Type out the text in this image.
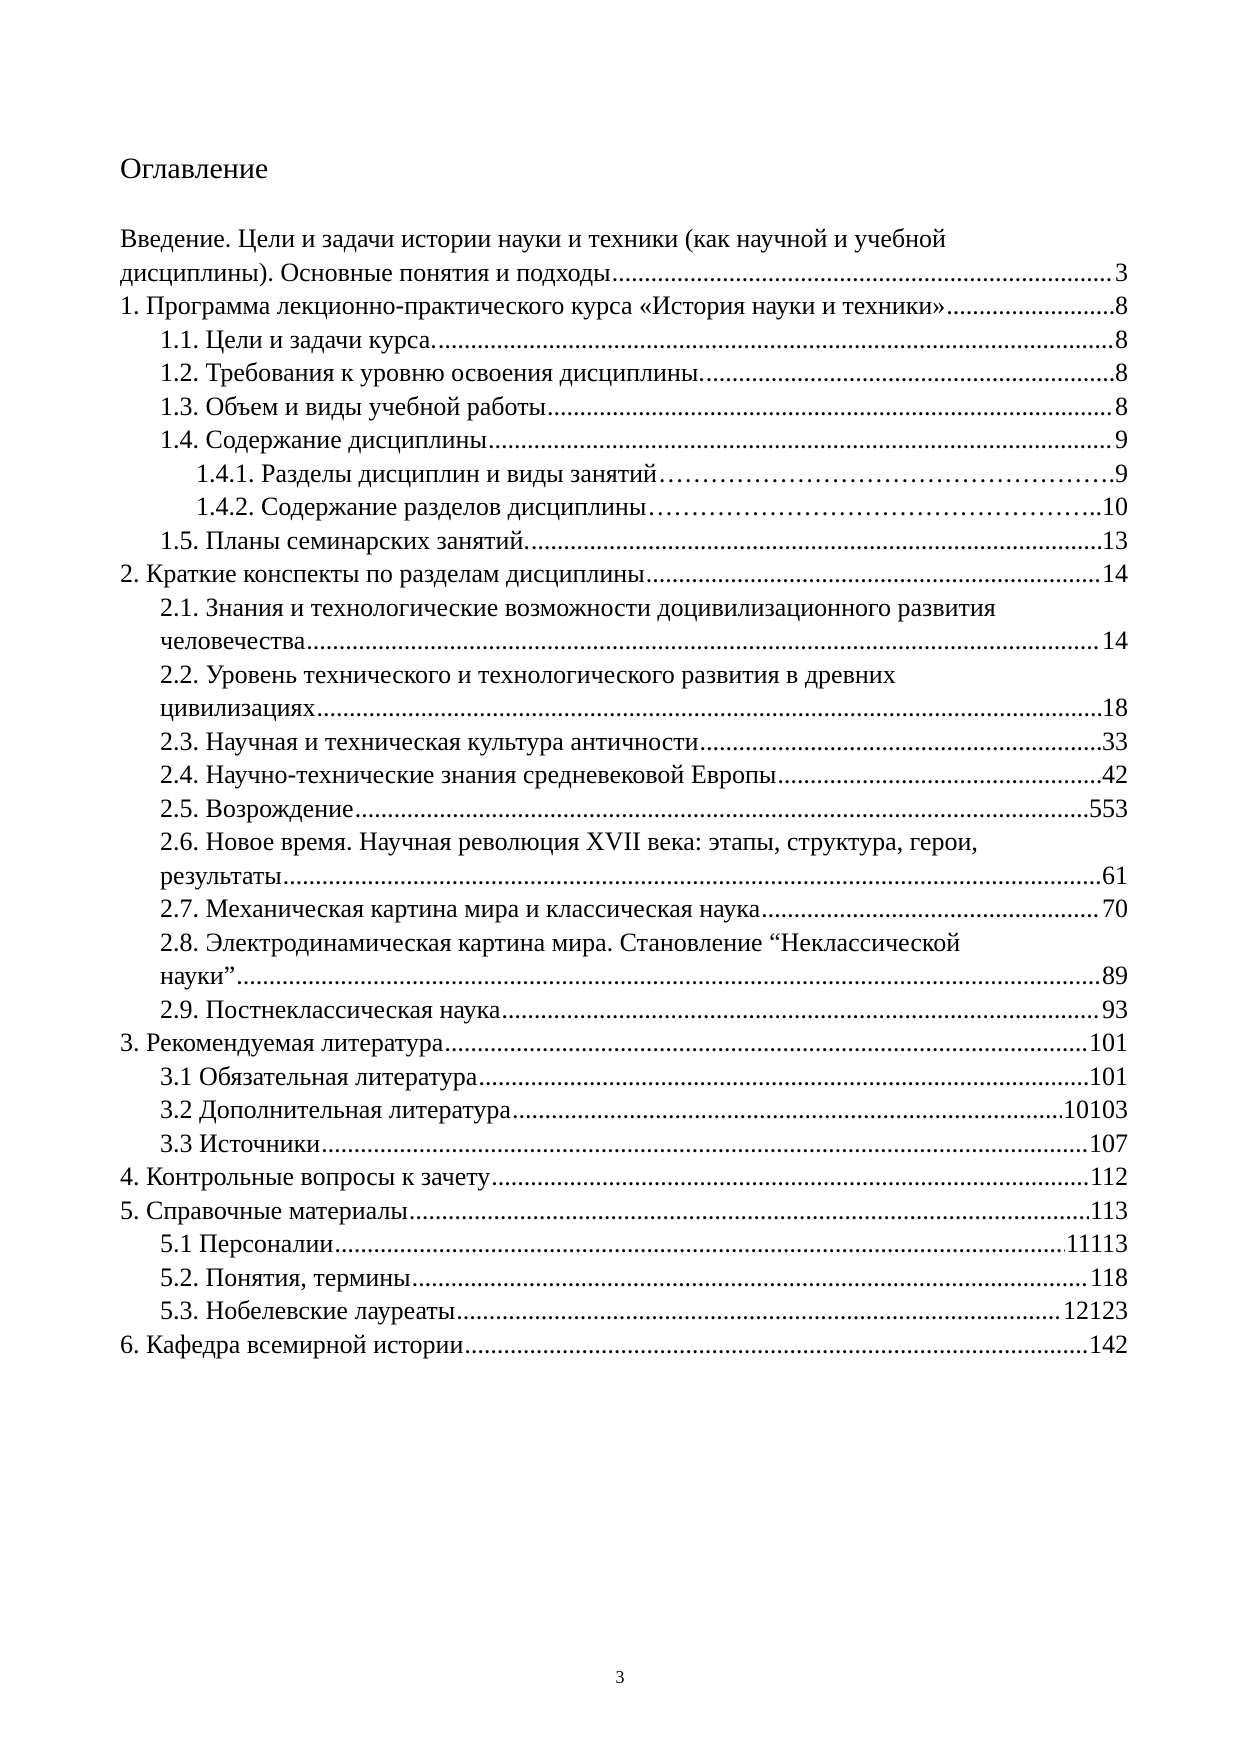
Оглавление
Введение. Цели и задачи истории науки и техники (как научной и учебной
дисциплины). Основные понятия и подходы .....	3
1. Программа лекционно-практического курса «История науки и техники» .....	8
1.1. Цели и задачи курса. .....	8
1.2. Требования к уровню освоения дисциплины. .....	8
1.3. Объем и виды учебной работы .....	8
1.4. Содержание дисциплины .....	9
1.4.1. Разделы дисциплин и виды занятий …………………………………………………………………………………………………………………………………………………………………………………………………………………………………………	.9
1.4.2. Содержание разделов дисциплины …………………………………………………………………………………………………………………………………………………………………………………………………………………………………………	..10
1.5. Планы семинарских занятий. .....	13
2. Краткие конспекты по разделам дисциплины .....	14
2.1. Знания и технологические возможности доцивилизационного развития
человечества .....	14
2.2. Уровень технического и технологического развития в древних
цивилизациях .....	18
2.3. Научная и техническая культура античности .....	33
2.4. Научно-технические знания средневековой Европы .....	42
2.5. Возрождение .....	553
2.6. Новое время. Научная революция XVII века: этапы, структура, герои,
результаты .....	61
2.7. Механическая картина мира и классическая наука .....	70
2.8. Электродинамическая картина мира. Становление “Неклассической
науки” .....	89
2.9. Постнеклассическая наука .....	93
3. Рекомендуемая литература .....	101
3.1 Обязательная литература .....	101
3.2 Дополнительная литература .....	10103
3.3 Источники .....	107
4. Контрольные вопросы к зачету .....	112
5. Справочные материалы .....	113
5.1 Персоналии .....	11113
5.2. Понятия, термины .....	118
5.3. Нобелевские лауреаты .....	12123
6. Кафедра всемирной истории .....	142
3
